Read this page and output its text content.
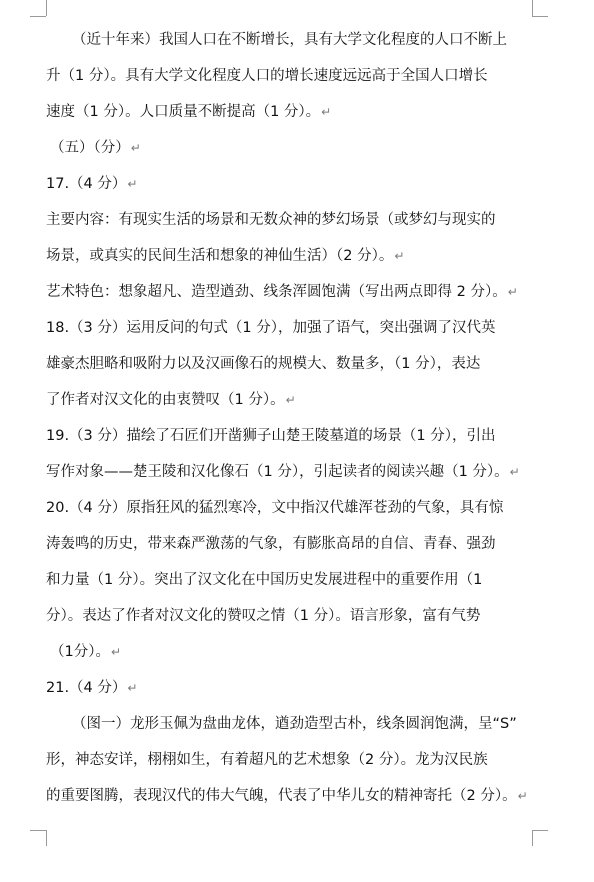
（近十年来）我国人口在不断增长，具有大学文化程度的人口不断上
升（1 分）。具有大学文化程度人口的增长速度远远高于全国人口增长
速度（1 分）。人口质量不断提高（1 分）。↵
（五）（分）↵
17.（4 分）↵
主要内容：有现实生活的场景和无数众神的梦幻场景（或梦幻与现实的
场景，或真实的民间生活和想象的神仙生活）（2 分）。↵
艺术特色：想象超凡、造型遒劲、线条浑圆饱满（写出两点即得 2 分）。↵
18.（3 分）运用反问的句式（1 分），加强了语气，突出强调了汉代英
雄豪杰胆略和吸附力以及汉画像石的规模大、数量多，（1 分），表达
了作者对汉文化的由衷赞叹（1 分）。↵
19.（3 分）描绘了石匠们开凿狮子山楚王陵墓道的场景（1 分），引出
写作对象——楚王陵和汉化像石（1 分），引起读者的阅读兴趣（1 分）。↵
20.（4 分）原指狂风的猛烈寒冷，文中指汉代雄浑苍劲的气象，具有惊
涛轰鸣的历史，带来森严激荡的气象，有膨胀高昂的自信、青春、强劲
和力量（1 分）。突出了汉文化在中国历史发展进程中的重要作用（1
分）。表达了作者对汉文化的赞叹之情（1 分）。语言形象，富有气势
（1分）。↵
21.（4 分）↵
（图一）龙形玉佩为盘曲龙体，遒劲造型古朴，线条圆润饱满，呈“S”
形，神态安详，栩栩如生，有着超凡的艺术想象（2 分）。龙为汉民族
的重要图腾，表现汉代的伟大气魄，代表了中华儿女的精神寄托（2 分）。↵
